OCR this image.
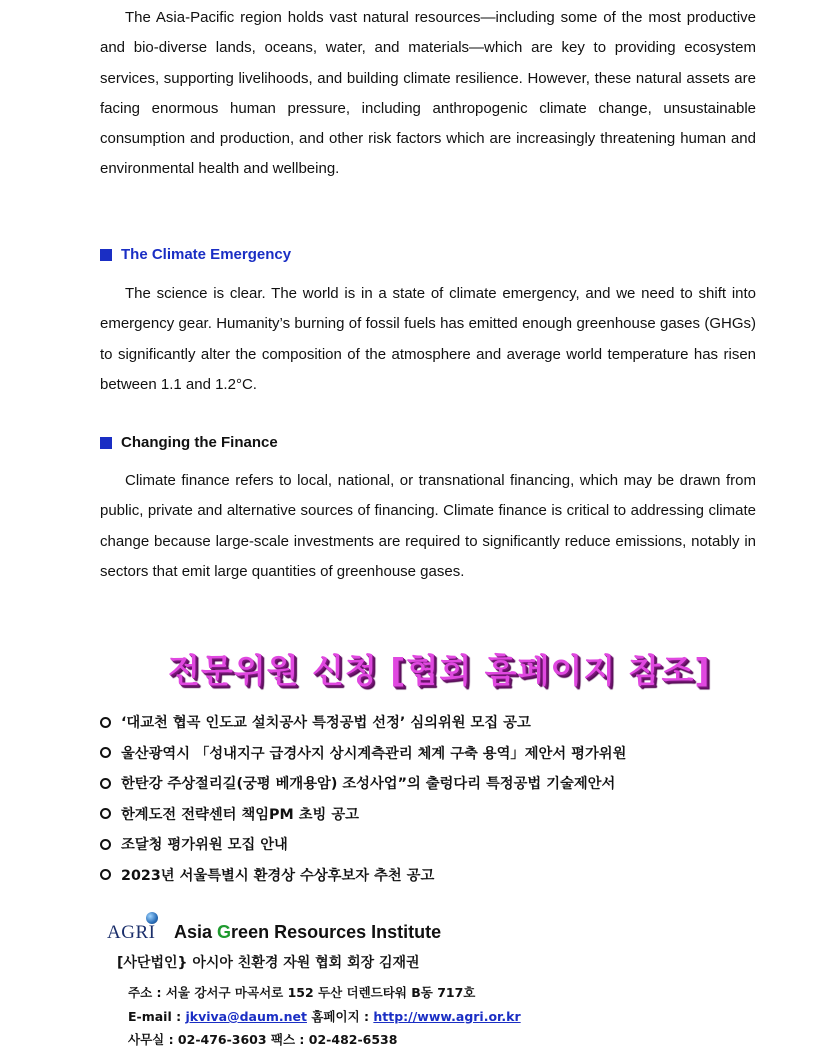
The Asia-Pacific region holds vast natural resources—including some of the most productive and bio-diverse lands, oceans, water, and materials—which are key to providing ecosystem services, supporting livelihoods, and building climate resilience. However, these natural assets are facing enormous human pressure, including anthropogenic climate change, unsustainable consumption and production, and other risk factors which are increasingly threatening human and environmental health and wellbeing.

The Climate Emergency

The science is clear. The world is in a state of climate emergency, and we need to shift into emergency gear. Humanity’s burning of fossil fuels has emitted enough greenhouse gases (GHGs) to significantly alter the composition of the atmosphere and average world temperature has risen between 1.1 and 1.2°C.

Changing the Finance

Climate finance refers to local, national, or transnational financing, which may be drawn from public, private and alternative sources of financing. Climate finance is critical to addressing climate change because large-scale investments are required to significantly reduce emissions, notably in sectors that emit large quantities of greenhouse gases.

전문위원 신청 [협회 홈페이지 참조]
‘대교천 협곡 인도교 설치공사 특정공법 선정’ 심의위원 모집 공고
울산광역시 「성내지구 급경사지 상시계측관리 체계 구축 용역」제안서 평가위원
한탄강 주상절리길(궁평 베개용암) 조성사업”의 출렁다리 특정공법 기술제안서
한계도전 전략센터 책임PM 초빙 공고
조달청 평가위원 모집 안내
2023년 서울특별시 환경상 수상후보자 추천 공고
AGRI Asia Green Resources Institute
[사단법인} 아시아 친환경 자원 협회 회장 김재권
주소 : 서울 강서구 마곡서로 152 두산 더렌드타워 B동 717호
E-mail : jkviva@daum.net 홈페이지 : http://www.agri.or.kr
사무실 : 02-476-3603 팩스 : 02-482-6538
